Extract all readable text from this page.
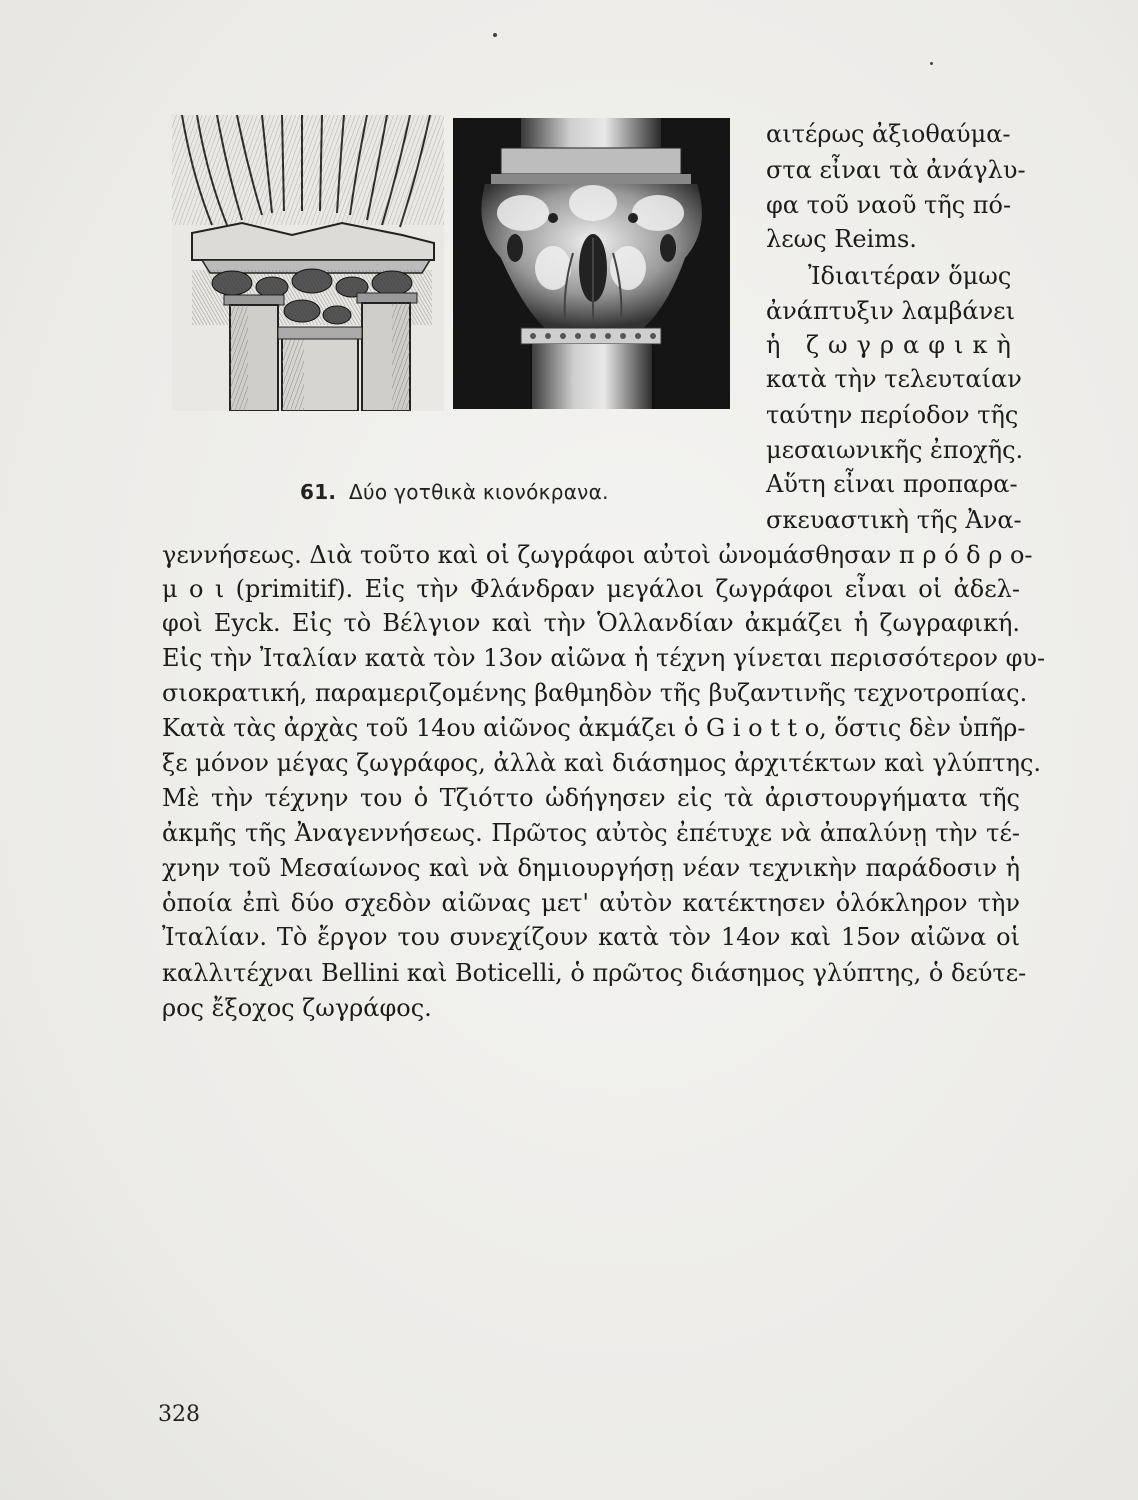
61. Δύο γοτθικὰ κιονόκρανα.
αιτέρως ἀξιοθαύμα-
στα εἶναι τὰ ἀνάγλυ-
φα τοῦ ναοῦ τῆς πό-
λεως Reims.
Ἰδιαιτέραν ὅμως
ἀνάπτυξιν λαμβάνει
ἡ ζωγραφικὴ
κατὰ τὴν τελευταίαν
ταύτην περίοδον τῆς
μεσαιωνικῆς ἐποχῆς.
Αὕτη εἶναι προπαρα-
σκευαστικὴ τῆς Ἀνα-
γεννήσεως. Διὰ τοῦτο καὶ οἱ ζωγράφοι αὐτοὶ ὠνομάσθησαν π ρ ό δ ρ ο-
μ ο ι (primitif). Εἰς τὴν Φλάνδραν μεγάλοι ζωγράφοι εἶναι οἱ ἀδελ-
φοὶ Eyck. Εἰς τὸ Βέλγιον καὶ τὴν Ὁλλανδίαν ἀκμάζει ἡ ζωγραφική.
Εἰς τὴν Ἰταλίαν κατὰ τὸν 13ον αἰῶνα ἡ τέχνη γίνεται περισσότερον φυ-
σιοκρατική, παραμεριζομένης βαθμηδὸν τῆς βυζαντινῆς τεχνοτροπίας.
Κατὰ τὰς ἀρχὰς τοῦ 14ου αἰῶνος ἀκμάζει ὁ G i o t t o, ὅστις δὲν ὑπῆρ-
ξε μόνον μέγας ζωγράφος, ἀλλὰ καὶ διάσημος ἀρχιτέκτων καὶ γλύπτης.
Μὲ τὴν τέχνην του ὁ Τζιόττο ὡδήγησεν εἰς τὰ ἀριστουργήματα τῆς
ἀκμῆς τῆς Ἀναγεννήσεως. Πρῶτος αὐτὸς ἐπέτυχε νὰ ἀπαλύνῃ τὴν τέ-
χνην τοῦ Μεσαίωνος καὶ νὰ δημιουργήσῃ νέαν τεχνικὴν παράδοσιν ἡ
ὁποία ἐπὶ δύο σχεδὸν αἰῶνας μετ' αὐτὸν κατέκτησεν ὁλόκληρον τὴν
Ἰταλίαν. Τὸ ἔργον του συνεχίζουν κατὰ τὸν 14ον καὶ 15ον αἰῶνα οἱ
καλλιτέχναι Bellini καὶ Boticelli, ὁ πρῶτος διάσημος γλύπτης, ὁ δεύτε-
ρος ἔξοχος ζωγράφος.
328
